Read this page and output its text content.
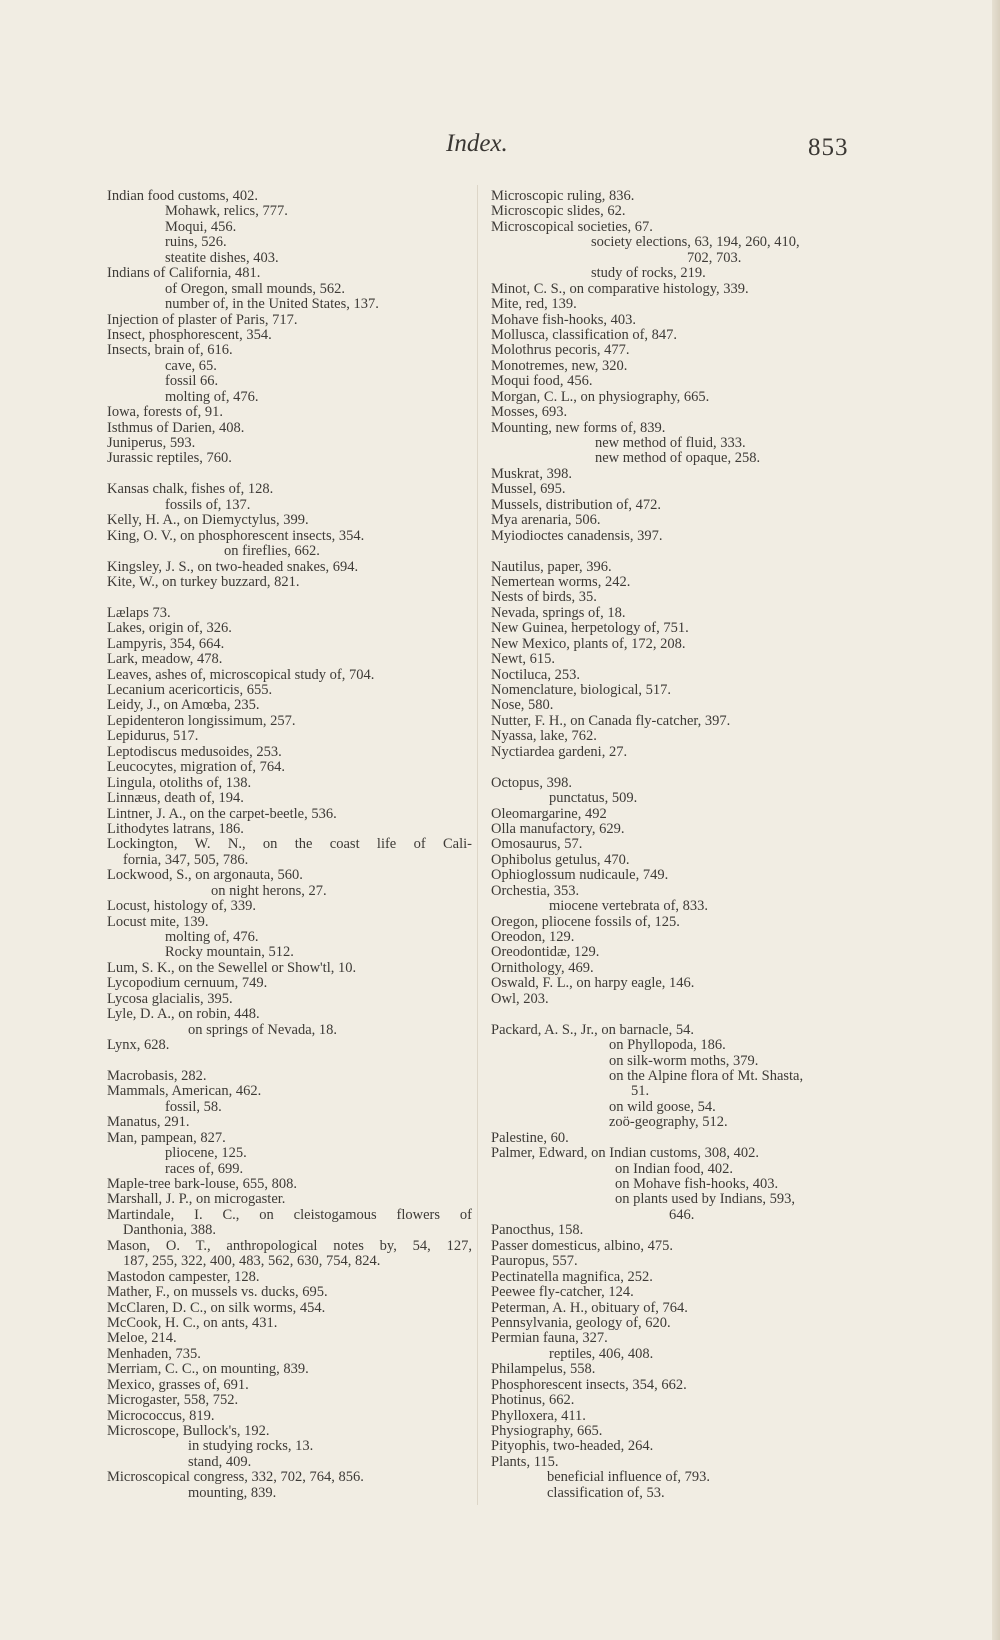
Index.	853
Indian food customs, 402.
Mohawk, relics, 777.
Moqui, 456.
ruins, 526.
steatite dishes, 403.
Indians of California, 481.
of Oregon, small mounds, 562.
number of, in the United States, 137.
Injection of plaster of Paris, 717.
Insect, phosphorescent, 354.
Insects, brain of, 616.
cave, 65.
fossil 66.
molting of, 476.
Iowa, forests of, 91.
Isthmus of Darien, 408.
Juniperus, 593.
Jurassic reptiles, 760.
Kansas chalk, fishes of, 128.
fossils of, 137.
Kelly, H. A., on Diemyctylus, 399.
King, O. V., on phosphorescent insects, 354.
on fireflies, 662.
Kingsley, J. S., on two-headed snakes, 694.
Kite, W., on turkey buzzard, 821.
Lælaps 73.
Lakes, origin of, 326.
Lampyris, 354, 664.
Lark, meadow, 478.
Leaves, ashes of, microscopical study of, 704.
Lecanium acericorticis, 655.
Leidy, J., on Amœba, 235.
Lepidenteron longissimum, 257.
Lepidurus, 517.
Leptodiscus medusoides, 253.
Leucocytes, migration of, 764.
Lingula, otoliths of, 138.
Linnæus, death of, 194.
Lintner, J. A., on the carpet-beetle, 536.
Lithodytes latrans, 186.
Lockington, W. N., on the coast life of Cali-
fornia, 347, 505, 786.
Lockwood, S., on argonauta, 560.
on night herons, 27.
Locust, histology of, 339.
Locust mite, 139.
molting of, 476.
Rocky mountain, 512.
Lum, S. K., on the Sewellel or Show'tl, 10.
Lycopodium cernuum, 749.
Lycosa glacialis, 395.
Lyle, D. A., on robin, 448.
on springs of Nevada, 18.
Lynx, 628.
Macrobasis, 282.
Mammals, American, 462.
fossil, 58.
Manatus, 291.
Man, pampean, 827.
pliocene, 125.
races of, 699.
Maple-tree bark-louse, 655, 808.
Marshall, J. P., on microgaster.
Martindale, I. C., on cleistogamous flowers of
Danthonia, 388.
Mason, O. T., anthropological notes by, 54, 127,
187, 255, 322, 400, 483, 562, 630, 754, 824.
Mastodon campester, 128.
Mather, F., on mussels vs. ducks, 695.
McClaren, D. C., on silk worms, 454.
McCook, H. C., on ants, 431.
Meloe, 214.
Menhaden, 735.
Merriam, C. C., on mounting, 839.
Mexico, grasses of, 691.
Microgaster, 558, 752.
Micrococcus, 819.
Microscope, Bullock's, 192.
in studying rocks, 13.
stand, 409.
Microscopical congress, 332, 702, 764, 856.
mounting, 839.
Microscopic ruling, 836.
Microscopic slides, 62.
Microscopical societies, 67.
society elections, 63, 194, 260, 410,
702, 703.
study of rocks, 219.
Minot, C. S., on comparative histology, 339.
Mite, red, 139.
Mohave fish-hooks, 403.
Mollusca, classification of, 847.
Molothrus pecoris, 477.
Monotremes, new, 320.
Moqui food, 456.
Morgan, C. L., on physiography, 665.
Mosses, 693.
Mounting, new forms of, 839.
new method of fluid, 333.
new method of opaque, 258.
Muskrat, 398.
Mussel, 695.
Mussels, distribution of, 472.
Mya arenaria, 506.
Myiodioctes canadensis, 397.
Nautilus, paper, 396.
Nemertean worms, 242.
Nests of birds, 35.
Nevada, springs of, 18.
New Guinea, herpetology of, 751.
New Mexico, plants of, 172, 208.
Newt, 615.
Noctiluca, 253.
Nomenclature, biological, 517.
Nose, 580.
Nutter, F. H., on Canada fly-catcher, 397.
Nyassa, lake, 762.
Nyctiardea gardeni, 27.
Octopus, 398.
punctatus, 509.
Oleomargarine, 492
Olla manufactory, 629.
Omosaurus, 57.
Ophibolus getulus, 470.
Ophioglossum nudicaule, 749.
Orchestia, 353.
miocene vertebrata of, 833.
Oregon, pliocene fossils of, 125.
Oreodon, 129.
Oreodontidæ, 129.
Ornithology, 469.
Oswald, F. L., on harpy eagle, 146.
Owl, 203.
Packard, A. S., Jr., on barnacle, 54.
on Phyllopoda, 186.
on silk-worm moths, 379.
on the Alpine flora of Mt. Shasta,
51.
on wild goose, 54.
zoö-geography, 512.
Palestine, 60.
Palmer, Edward, on Indian customs, 308, 402.
on Indian food, 402.
on Mohave fish-hooks, 403.
on plants used by Indians, 593,
646.
Panocthus, 158.
Passer domesticus, albino, 475.
Pauropus, 557.
Pectinatella magnifica, 252.
Peewee fly-catcher, 124.
Peterman, A. H., obituary of, 764.
Pennsylvania, geology of, 620.
Permian fauna, 327.
reptiles, 406, 408.
Philampelus, 558.
Phosphorescent insects, 354, 662.
Photinus, 662.
Phylloxera, 411.
Physiography, 665.
Pityophis, two-headed, 264.
Plants, 115.
beneficial influence of, 793.
classification of, 53.
